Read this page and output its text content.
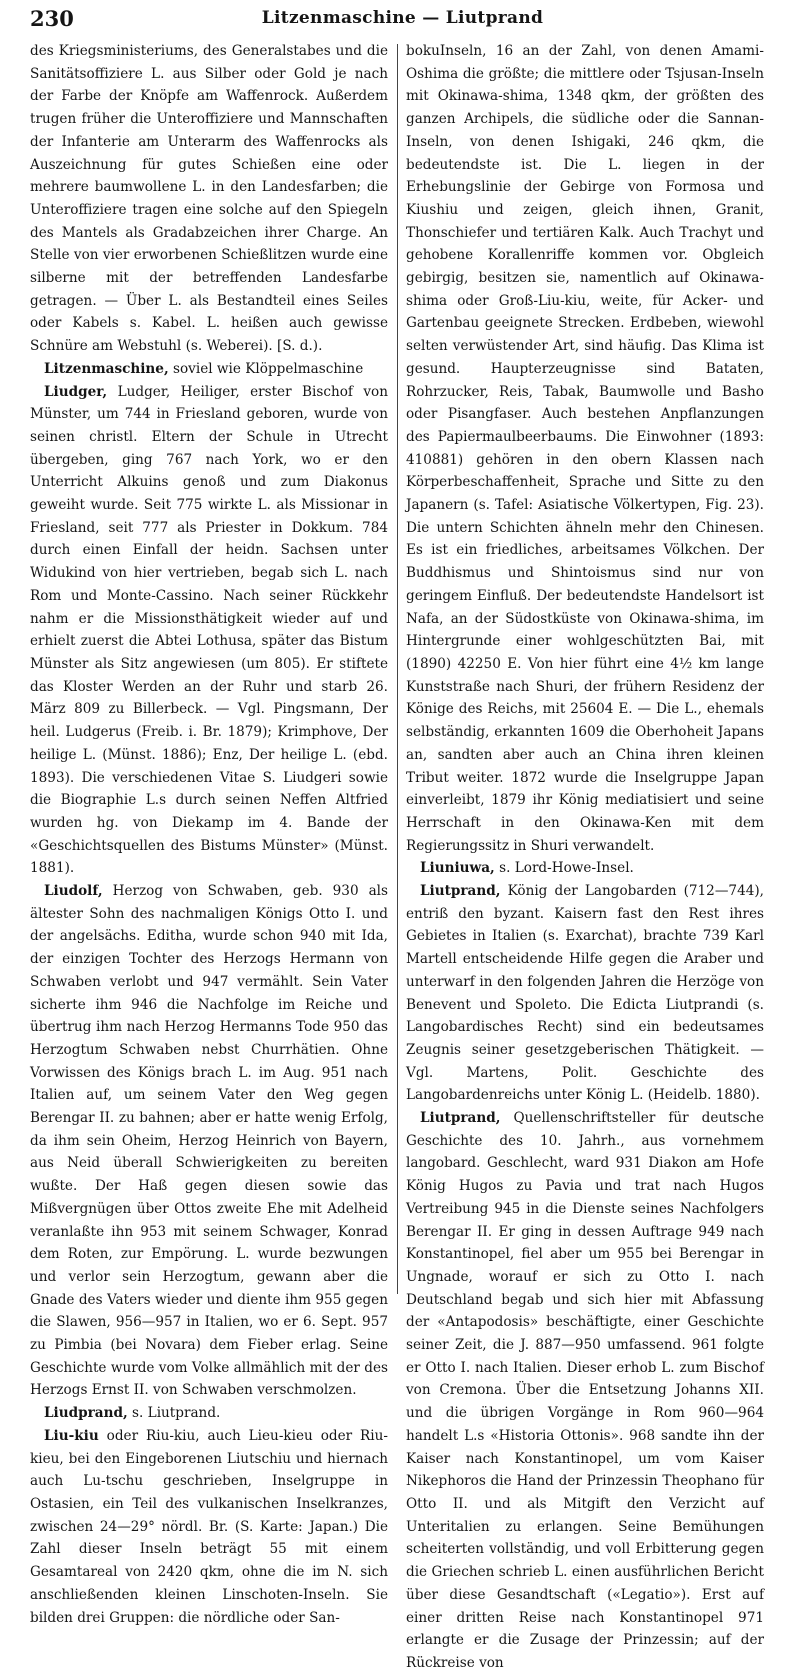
230	Litzenmaschine — Liutprand

des Kriegsministeriums, des Generalstabes und die Sanitätsoffiziere L. aus Silber oder Gold je nach der Farbe der Knöpfe am Waffenrock. Außerdem trugen früher die Unteroffiziere und Mannschaften der Infanterie am Unterarm des Waffenrocks als Auszeichnung für gutes Schießen eine oder mehrere baumwollene L. in den Landesfarben; die Unteroffiziere tragen eine solche auf den Spiegeln des Mantels als Gradabzeichen ihrer Charge. An Stelle von vier erworbenen Schießlitzen wurde eine silberne mit der betreffenden Landesfarbe getragen. — Über L. als Bestandteil eines Seiles oder Kabels s. Kabel. L. heißen auch gewisse Schnüre am Webstuhl (s. Weberei). [S. d.).

Litzenmaschine, soviel wie Klöppelmaschine

Liudger, Ludger, Heiliger, erster Bischof von Münster, um 744 in Friesland geboren, wurde von seinen christl. Eltern der Schule in Utrecht übergeben, ging 767 nach York, wo er den Unterricht Alkuins genoß und zum Diakonus geweiht wurde. Seit 775 wirkte L. als Missionar in Friesland, seit 777 als Priester in Dokkum. 784 durch einen Einfall der heidn. Sachsen unter Widukind von hier vertrieben, begab sich L. nach Rom und Monte-Cassino. Nach seiner Rückkehr nahm er die Missionsthätigkeit wieder auf und erhielt zuerst die Abtei Lothusa, später das Bistum Münster als Sitz angewiesen (um 805). Er stiftete das Kloster Werden an der Ruhr und starb 26. März 809 zu Billerbeck. — Vgl. Pingsmann, Der heil. Ludgerus (Freib. i. Br. 1879); Krimphove, Der heilige L. (Münst. 1886); Enz, Der heilige L. (ebd. 1893). Die verschiedenen Vitae S. Liudgeri sowie die Biographie L.s durch seinen Neffen Altfried wurden hg. von Diekamp im 4. Bande der «Geschichtsquellen des Bistums Münster» (Münst. 1881).

Liudolf, Herzog von Schwaben, geb. 930 als ältester Sohn des nachmaligen Königs Otto I. und der angelsächs. Editha, wurde schon 940 mit Ida, der einzigen Tochter des Herzogs Hermann von Schwaben verlobt und 947 vermählt. Sein Vater sicherte ihm 946 die Nachfolge im Reiche und übertrug ihm nach Herzog Hermanns Tode 950 das Herzogtum Schwaben nebst Churrhätien. Ohne Vorwissen des Königs brach L. im Aug. 951 nach Italien auf, um seinem Vater den Weg gegen Berengar II. zu bahnen; aber er hatte wenig Erfolg, da ihm sein Oheim, Herzog Heinrich von Bayern, aus Neid überall Schwierigkeiten zu bereiten wußte. Der Haß gegen diesen sowie das Mißvergnügen über Ottos zweite Ehe mit Adelheid veranlaßte ihn 953 mit seinem Schwager, Konrad dem Roten, zur Empörung. L. wurde bezwungen und verlor sein Herzogtum, gewann aber die Gnade des Vaters wieder und diente ihm 955 gegen die Slawen, 956—957 in Italien, wo er 6. Sept. 957 zu Pimbia (bei Novara) dem Fieber erlag. Seine Geschichte wurde vom Volke allmählich mit der des Herzogs Ernst II. von Schwaben verschmolzen.

Liudprand, s. Liutprand.

Liu-kiu oder Riu-kiu, auch Lieu-kieu oder Riu-kieu, bei den Eingeborenen Liutschiu und hiernach auch Lu-tschu geschrieben, Inselgruppe in Ostasien, ein Teil des vulkanischen Inselkranzes, zwischen 24—29° nördl. Br. (S. Karte: Japan.) Die Zahl dieser Inseln beträgt 55 mit einem Gesamtareal von 2420 qkm, ohne die im N. sich anschließenden kleinen Linschoten-Inseln. Sie bilden drei Gruppen: die nördliche oder San-

bokuInseln, 16 an der Zahl, von denen Amami-Oshima die größte; die mittlere oder Tsjusan-Inseln mit Okinawa-shima, 1348 qkm, der größten des ganzen Archipels, die südliche oder die Sannan-Inseln, von denen Ishigaki, 246 qkm, die bedeutendste ist. Die L. liegen in der Erhebungslinie der Gebirge von Formosa und Kiushiu und zeigen, gleich ihnen, Granit, Thonschiefer und tertiären Kalk. Auch Trachyt und gehobene Korallenriffe kommen vor. Obgleich gebirgig, besitzen sie, namentlich auf Okinawa-shima oder Groß-Liu-kiu, weite, für Acker- und Gartenbau geeignete Strecken. Erdbeben, wiewohl selten verwüstender Art, sind häufig. Das Klima ist gesund. Haupterzeugnisse sind Bataten, Rohrzucker, Reis, Tabak, Baumwolle und Basho oder Pisangfaser. Auch bestehen Anpflanzungen des Papiermaulbeerbaums. Die Einwohner (1893: 410881) gehören in den obern Klassen nach Körperbeschaffenheit, Sprache und Sitte zu den Japanern (s. Tafel: Asiatische Völkertypen, Fig. 23). Die untern Schichten ähneln mehr den Chinesen. Es ist ein friedliches, arbeitsames Völkchen. Der Buddhismus und Shintoismus sind nur von geringem Einfluß. Der bedeutendste Handelsort ist Nafa, an der Südostküste von Okinawa-shima, im Hintergrunde einer wohlgeschützten Bai, mit (1890) 42250 E. Von hier führt eine 4½ km lange Kunststraße nach Shuri, der frühern Residenz der Könige des Reichs, mit 25604 E. — Die L., ehemals selbständig, erkannten 1609 die Oberhoheit Japans an, sandten aber auch an China ihren kleinen Tribut weiter. 1872 wurde die Inselgruppe Japan einverleibt, 1879 ihr König mediatisiert und seine Herrschaft in den Okinawa-Ken mit dem Regierungssitz in Shuri verwandelt.

Liuniuwa, s. Lord-Howe-Insel.

Liutprand, König der Langobarden (712—744), entriß den byzant. Kaisern fast den Rest ihres Gebietes in Italien (s. Exarchat), brachte 739 Karl Martell entscheidende Hilfe gegen die Araber und unterwarf in den folgenden Jahren die Herzöge von Benevent und Spoleto. Die Edicta Liutprandi (s. Langobardisches Recht) sind ein bedeutsames Zeugnis seiner gesetzgeberischen Thätigkeit. — Vgl. Martens, Polit. Geschichte des Langobardenreichs unter König L. (Heidelb. 1880).

Liutprand, Quellenschriftsteller für deutsche Geschichte des 10. Jahrh., aus vornehmem langobard. Geschlecht, ward 931 Diakon am Hofe König Hugos zu Pavia und trat nach Hugos Vertreibung 945 in die Dienste seines Nachfolgers Berengar II. Er ging in dessen Auftrage 949 nach Konstantinopel, fiel aber um 955 bei Berengar in Ungnade, worauf er sich zu Otto I. nach Deutschland begab und sich hier mit Abfassung der «Antapodosis» beschäftigte, einer Geschichte seiner Zeit, die J. 887—950 umfassend. 961 folgte er Otto I. nach Italien. Dieser erhob L. zum Bischof von Cremona. Über die Entsetzung Johanns XII. und die übrigen Vorgänge in Rom 960—964 handelt L.s «Historia Ottonis». 968 sandte ihn der Kaiser nach Konstantinopel, um vom Kaiser Nikephoros die Hand der Prinzessin Theophano für Otto II. und als Mitgift den Verzicht auf Unteritalien zu erlangen. Seine Bemühungen scheiterten vollständig, und voll Erbitterung gegen die Griechen schrieb L. einen ausführlichen Bericht über diese Gesandtschaft («Legatio»). Erst auf einer dritten Reise nach Konstantinopel 971 erlangte er die Zusage der Prinzessin; auf der Rückreise von
